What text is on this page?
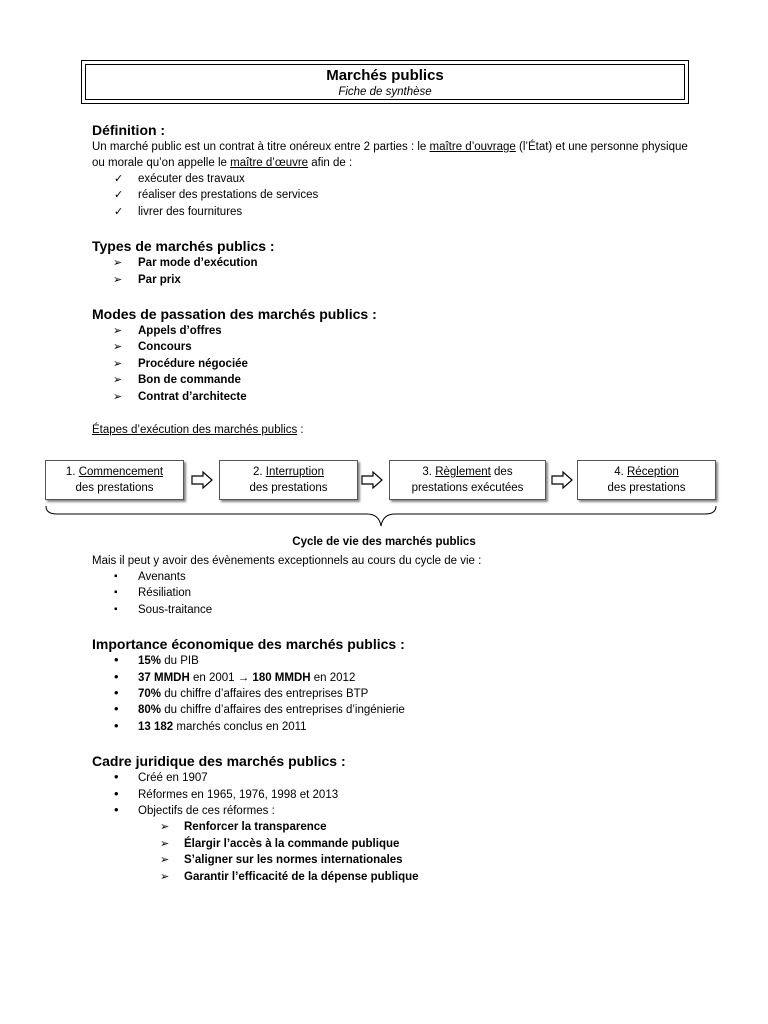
Marchés publics
Fiche de synthèse
Définition :

Un marché public est un contrat à titre onéreux entre 2 parties : le maître d’ouvrage (l’État) et une personne physique ou morale qu’on appelle le maître d’œuvre afin de :

✓ exécuter des travaux
✓ réaliser des prestations de services
✓ livrer des fournitures
Types de marchés publics :
➢ Par mode d’exécution
➢ Par prix
Modes de passation des marchés publics :
➢ Appels d’offres
➢ Concours
➢ Procédure négociée
➢ Bon de commande
➢ Contrat d’architecte

Étapes d’exécution des marchés publics :

1. Commencement
des prestations
2. Interruption
des prestations
3. Règlement des
prestations exécutées
4. Réception
des prestations
Cycle de vie des marchés publics

Mais il peut y avoir des évènements exceptionnels au cours du cycle de vie :

▪ Avenants
▪ Résiliation
▪ Sous-traitance
Importance économique des marchés publics :
• 15% du PIB
• 37 MMDH en 2001 → 180 MMDH en 2012
• 70% du chiffre d’affaires des entreprises BTP
• 80% du chiffre d’affaires des entreprises d’ingénierie
• 13 182 marchés conclus en 2011
Cadre juridique des marchés publics :
• Créé en 1907
• Réformes en 1965, 1976, 1998 et 2013
• Objectifs de ces réformes :
➢ Renforcer la transparence
➢ Élargir l’accès à la commande publique
➢ S’aligner sur les normes internationales
➢ Garantir l’efficacité de la dépense publique
